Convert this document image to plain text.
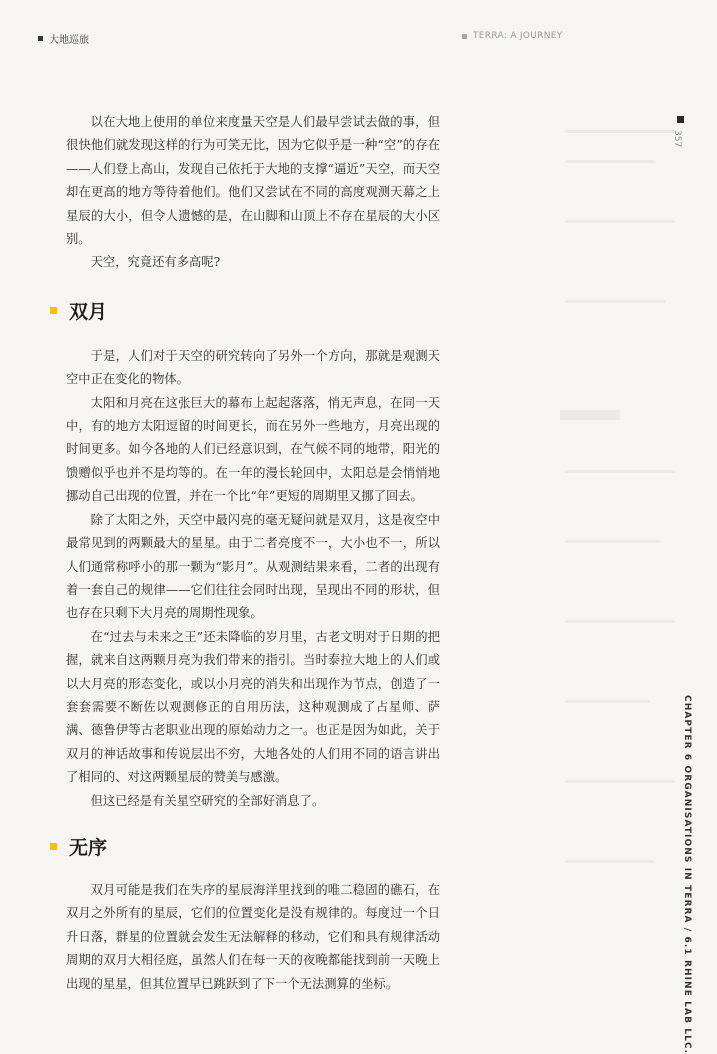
大地巡旅	TERRA: A JOURNEY
357
CHAPTER 6 ORGANISATIONS IN TERRA / 6.1 RHINE LAB LLC.

以在大地上使用的单位来度量天空是人们最早尝试去做的事，但很快他们就发现这样的行为可笑无比，因为它似乎是一种“空”的存在——人们登上高山，发现自己依托于大地的支撑“逼近”天空，而天空却在更高的地方等待着他们。他们又尝试在不同的高度观测天幕之上星辰的大小，但令人遗憾的是，在山脚和山顶上不存在星辰的大小区别。

天空，究竟还有多高呢?

双月

于是，人们对于天空的研究转向了另外一个方向，那就是观测天空中正在变化的物体。

太阳和月亮在这张巨大的幕布上起起落落，悄无声息，在同一天中，有的地方太阳逗留的时间更长，而在另外一些地方，月亮出现的时间更多。如今各地的人们已经意识到，在气候不同的地带，阳光的馈赠似乎也并不是均等的。在一年的漫长轮回中，太阳总是会悄悄地挪动自己出现的位置，并在一个比“年”更短的周期里又挪了回去。

除了太阳之外，天空中最闪亮的毫无疑问就是双月，这是夜空中最常见到的两颗最大的星星。由于二者亮度不一，大小也不一，所以人们通常称呼小的那一颗为“影月”。从观测结果来看，二者的出现有着一套自己的规律——它们往往会同时出现，呈现出不同的形状，但也存在只剩下大月亮的周期性现象。

在“过去与未来之王”还未降临的岁月里，古老文明对于日期的把握，就来自这两颗月亮为我们带来的指引。当时泰拉大地上的人们或以大月亮的形态变化，或以小月亮的消失和出现作为节点，创造了一套套需要不断佐以观测修正的自用历法，这种观测成了占星师、萨满、德鲁伊等古老职业出现的原始动力之一。也正是因为如此，关于双月的神话故事和传说层出不穷，大地各处的人们用不同的语言讲出了相同的、对这两颗星辰的赞美与感激。

但这已经是有关星空研究的全部好消息了。

无序

双月可能是我们在失序的星辰海洋里找到的唯二稳固的礁石，在双月之外所有的星辰，它们的位置变化是没有规律的。每度过一个日升日落，群星的位置就会发生无法解释的移动，它们和具有规律活动周期的双月大相径庭，虽然人们在每一天的夜晚都能找到前一天晚上出现的星星，但其位置早已跳跃到了下一个无法测算的坐标。
